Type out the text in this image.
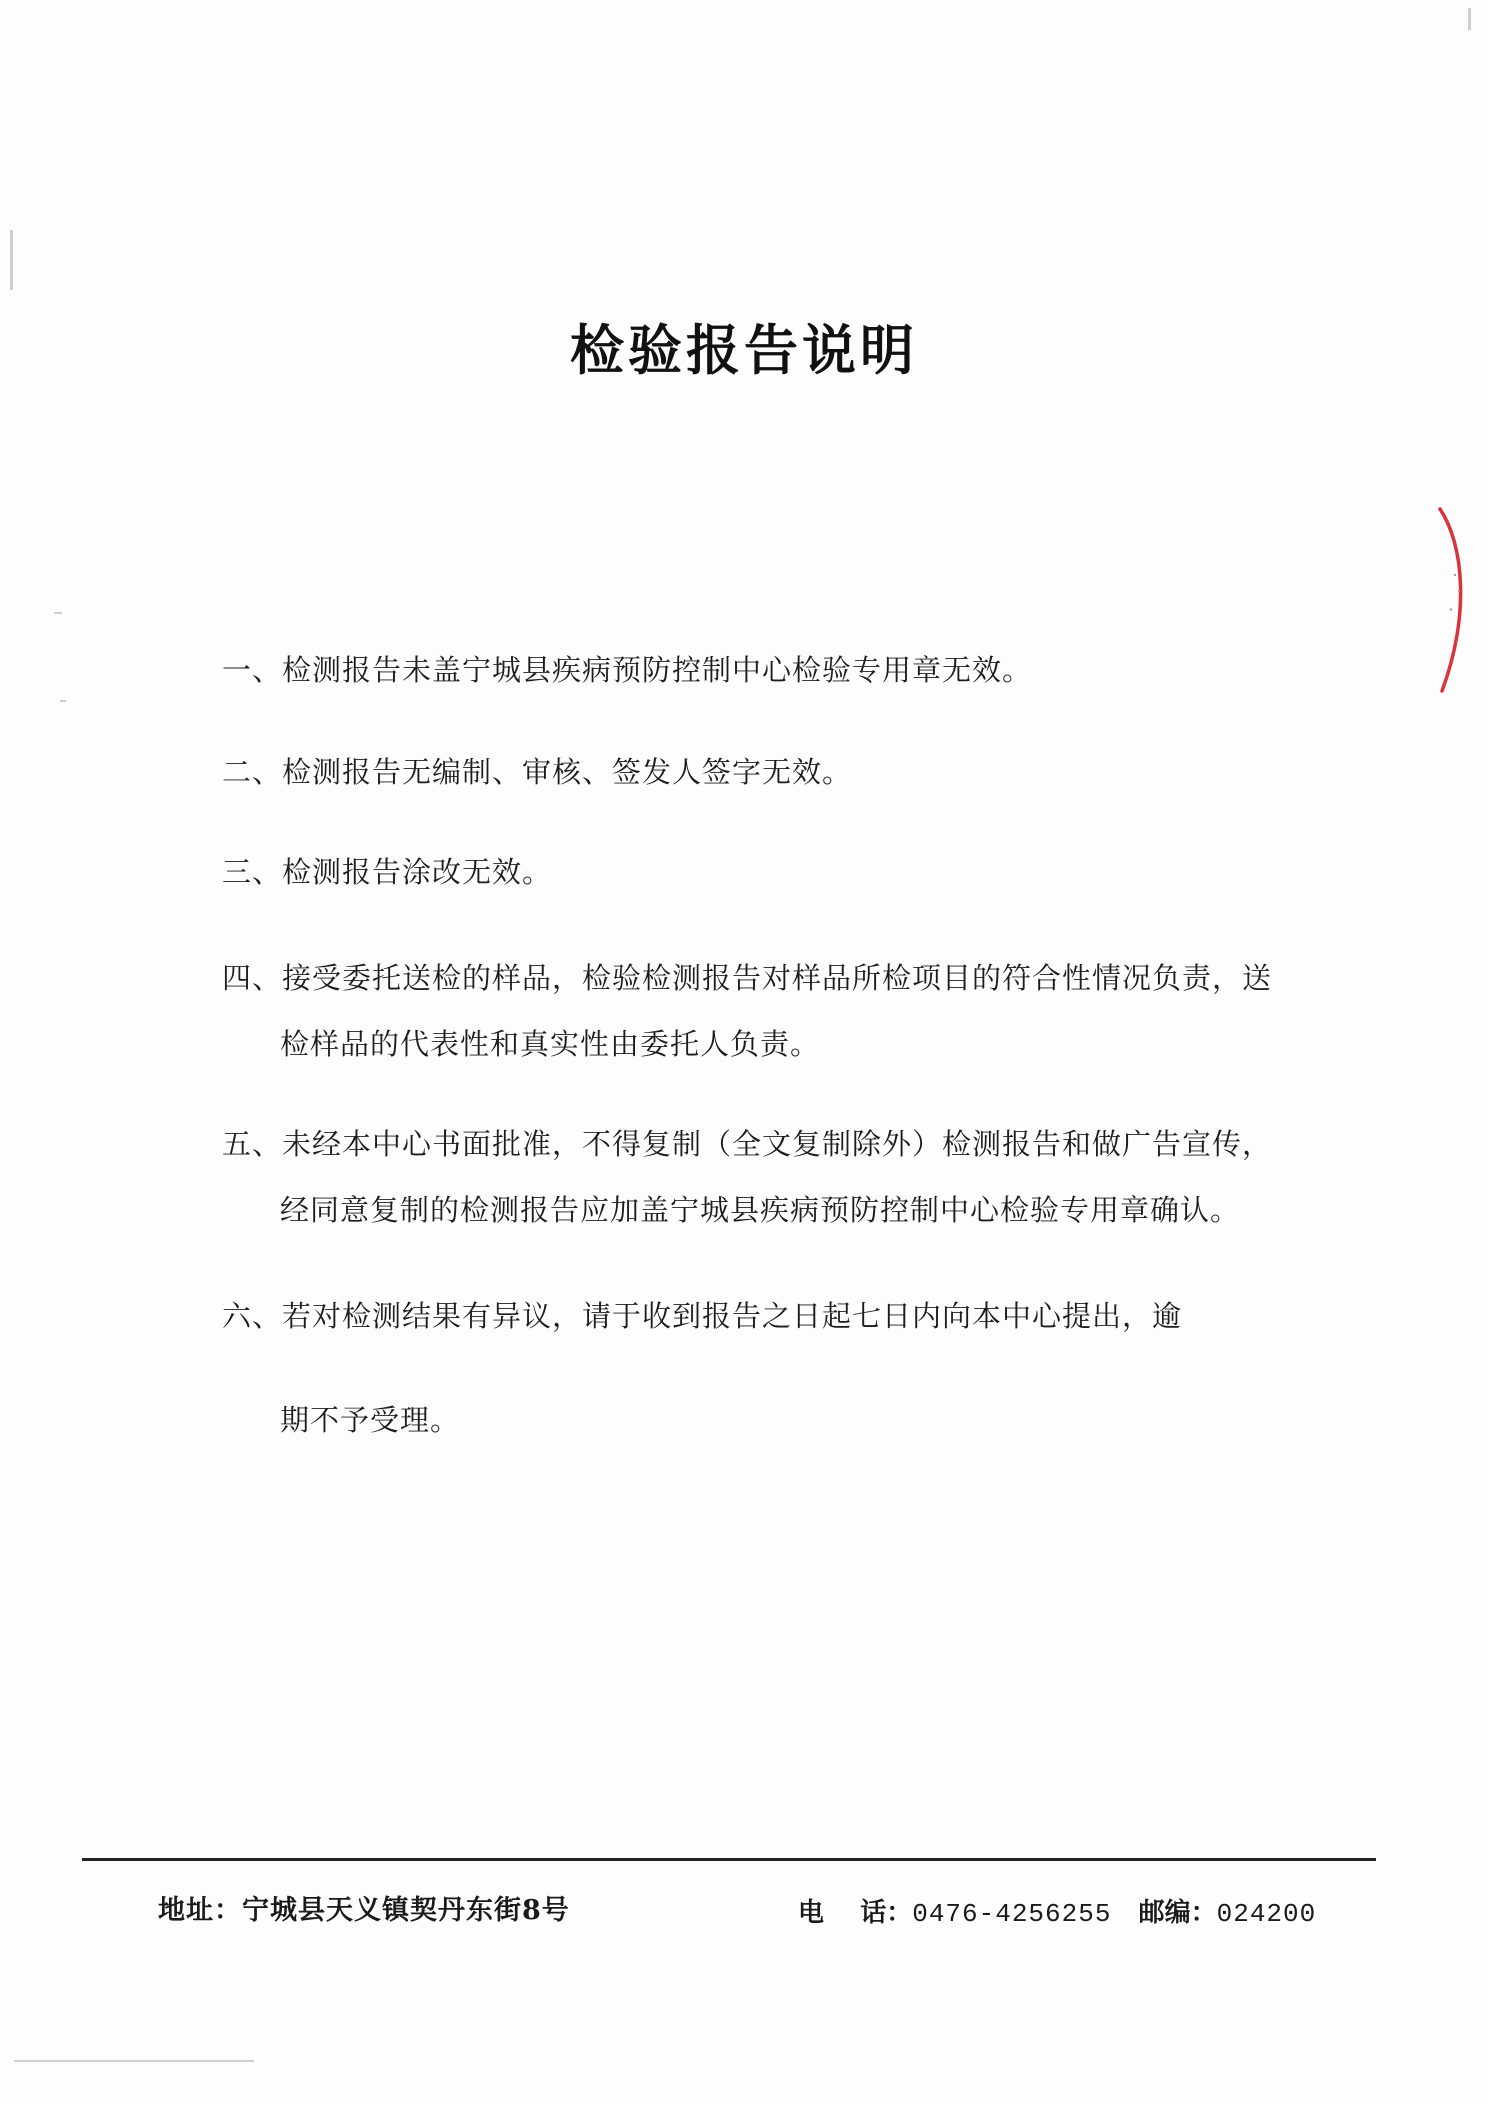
检验报告说明
一、检测报告未盖宁城县疾病预防控制中心检验专用章无效。
二、检测报告无编制、审核、签发人签字无效。
三、检测报告涂改无效。
四、接受委托送检的样品，检验检测报告对样品所检项目的符合性情况负责，送
检样品的代表性和真实性由委托人负责。
五、未经本中心书面批准，不得复制（全文复制除外）检测报告和做广告宣传，
经同意复制的检测报告应加盖宁城县疾病预防控制中心检验专用章确认。
六、若对检测结果有异议，请于收到报告之日起七日内向本中心提出，逾
期不予受理。
地址：宁城县天义镇契丹东街8号	电    话：0476-4256255 邮编：024200
